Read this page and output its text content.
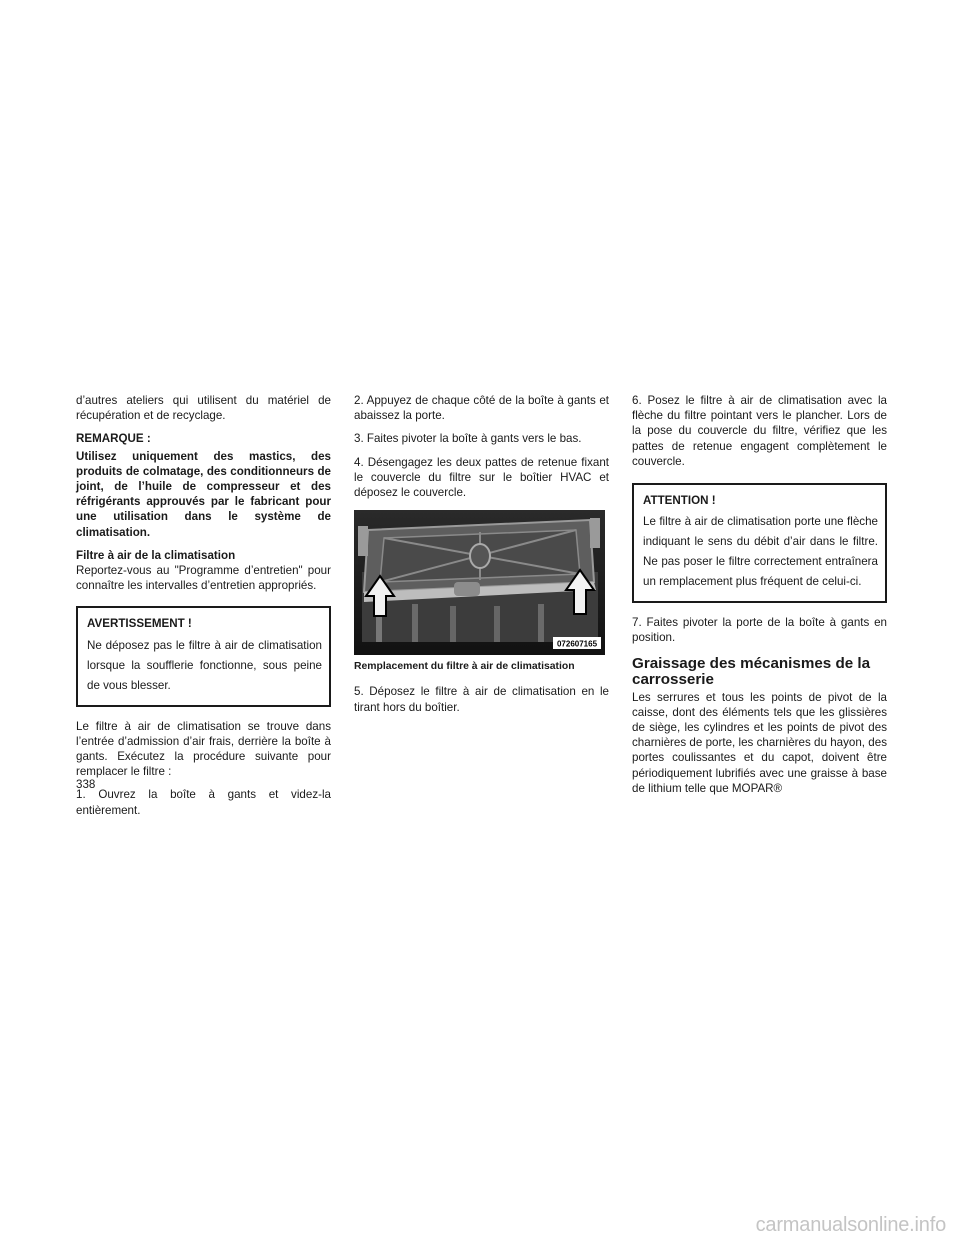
d’autres ateliers qui utilisent du matériel de récupération et de recyclage.

REMARQUE :

Utilisez uniquement des mastics, des produits de colmatage, des conditionneurs de joint, de l’huile de compresseur et des réfrigérants approuvés par le fabricant pour une utilisation dans le système de climatisation.

Filtre à air de la climatisation

Reportez-vous au "Programme d’entretien" pour connaître les intervalles d’entretien appropriés.

AVERTISSEMENT !
Ne déposez pas le filtre à air de climatisation lorsque la soufflerie fonctionne, sous peine de vous blesser.

Le filtre à air de climatisation se trouve dans l’entrée d’admission d’air frais, derrière la boîte à gants. Exécutez la procédure suivante pour remplacer le filtre :

1. Ouvrez la boîte à gants et videz-la entièrement.

2. Appuyez de chaque côté de la boîte à gants et abaissez la porte.

3. Faites pivoter la boîte à gants vers le bas.

4. Désengagez les deux pattes de retenue fixant le couvercle du filtre sur le boîtier HVAC et déposez le couvercle.

072607165
Remplacement du filtre à air de climatisation

5. Déposez le filtre à air de climatisation en le tirant hors du boîtier.

6. Posez le filtre à air de climatisation avec la flèche du filtre pointant vers le plancher. Lors de la pose du couvercle du filtre, vérifiez que les pattes de retenue engagent complètement le couvercle.

ATTENTION !
Le filtre à air de climatisation porte une flèche indiquant le sens du débit d’air dans le filtre. Ne pas poser le filtre correctement entraînera un remplacement plus fréquent de celui-ci.

7. Faites pivoter la porte de la boîte à gants en position.

Graissage des mécanismes de la carrosserie

Les serrures et tous les points de pivot de la caisse, dont des éléments tels que les glissières de siège, les cylindres et les points de pivot des charnières de porte, les charnières du hayon, des portes coulissantes et du capot, doivent être périodiquement lubrifiés avec une graisse à base de lithium telle que MOPAR®

338
carmanualsonline.info
